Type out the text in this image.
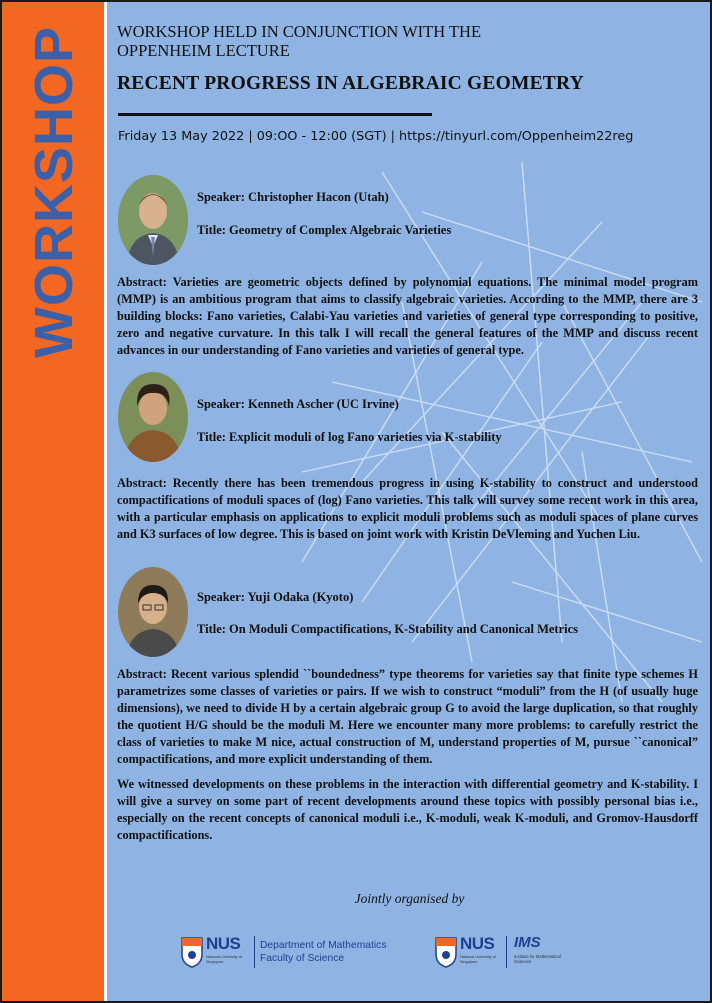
WORKSHOP WORKSHOP HELD IN CONJUNCTION WITH THE
OPPENHEIM LECTURE
RECENT PROGRESS IN ALGEBRAIC GEOMETRY
Friday 13 May 2022 | 09:OO - 12:00 (SGT) | https://tinyurl.com/Oppenheim22reg
Speaker: Christopher Hacon (Utah)
Title: Geometry of Complex Algebraic Varieties
Abstract: Varieties are geometric objects defined by polynomial equations. The minimal model program (MMP) is an ambitious program that aims to classify algebraic varieties. According to the MMP, there are 3 building blocks: Fano varieties, Calabi-Yau varieties and varieties of general type corresponding to positive, zero and negative curvature. In this talk I will recall the general features of the MMP and discuss recent advances in our understanding of Fano varieties and varieties of general type.
Speaker: Kenneth Ascher (UC Irvine)
Title: Explicit moduli of log Fano varieties via K-stability
Abstract: Recently there has been tremendous progress in using K-stability to construct and understood compactifications of moduli spaces of (log) Fano varieties. This talk will survey some recent work in this area, with a particular emphasis on applications to explicit moduli problems such as moduli spaces of plane curves and K3 surfaces of low degree. This is based on joint work with Kristin DeVleming and Yuchen Liu.
Speaker: Yuji Odaka (Kyoto)
Title: On Moduli Compactifications, K-Stability and Canonical Metrics
Abstract: Recent various splendid ``boundedness” type theorems for varieties say that finite type schemes H parametrizes some classes of varieties or pairs. If we wish to construct “moduli” from the H (of usually huge dimensions), we need to divide H by a certain algebraic group G to avoid the large duplication, so that roughly the quotient H/G should be the moduli M. Here we encounter many more problems: to carefully restrict the class of varieties to make M nice, actual construction of M, understand properties of M, pursue ``canonical” compactifications, and more explicit understanding of them.
We witnessed developments on these problems in the interaction with differential geometry and K-stability. I will give a survey on some part of recent developments around these topics with possibly personal bias i.e., especially on the recent concepts of canonical moduli i.e., K-moduli, weak K-moduli, and Gromov-Hausdorff compactifications.
Jointly organised by
NUS
National University of Singapore
Department of Mathematics
Faculty of Science
NUS
National University of Singapore
IMS
Institute for Mathematical Sciences
